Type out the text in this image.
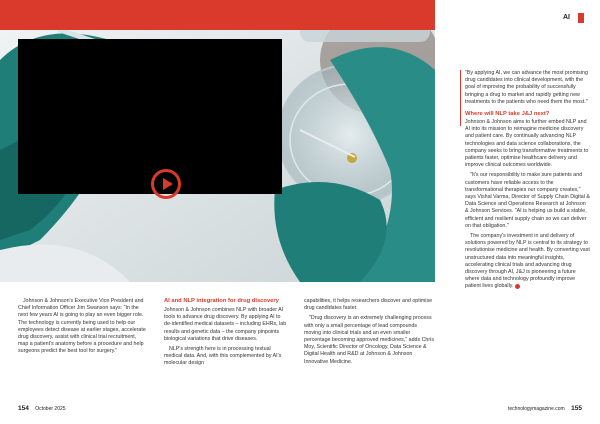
Johnson & Johnson's Executive Vice President and Chief Information Officer Jim Swanson says: "In the next few years AI is going to play an even bigger role. The technology is currently being used to help our employees detect disease at earlier stages, accelerate drug discovery, assist with clinical trial recruitment, map a patient's anatomy before a procedure and help surgeons predict the best tool for surgery."

AI and NLP integration for drug discovery

Johnson & Johnson combines NLP with broader AI tools to advance drug discovery. By applying AI to de-identified medical datasets – including EHRs, lab results and genetic data – the company pinpoints biological variations that drive diseases.

NLP's strength here is in processing textual medical data. And, with this complemented by AI's molecular design

capabilities, it helps researchers discover and optimise drug candidates faster.

"Drug discovery is an extremely challenging process with only a small percentage of lead compounds moving into clinical trials and an even smaller percentage becoming approved medicines," adds Chris Moy, Scientific Director of Oncology, Data Science & Digital Health and R&D at Johnson & Johnson Innovative Medicine.

154 October 2025
AI

"By applying AI, we can advance the most promising drug candidates into clinical development, with the goal of improving the probability of successfully bringing a drug to market and rapidly getting new treatments to the patients who need them the most."

Where will NLP take J&J next?

Johnson & Johnson aims to further embed NLP and AI into its mission to reimagine medicine discovery and patient care. By continually advancing NLP technologies and data science collaborations, the company seeks to bring transformative treatments to patients faster, optimise healthcare delivery and improve clinical outcomes worldwide.

"It's our responsibility to make sure patients and customers have reliable access to the transformational therapies our company creates," says Vishal Varma, Director of Supply Chain Digital & Data Science and Operations Research at Johnson & Johnson Services. "AI is helping us build a stable, efficient and resilient supply chain so we can deliver on that obligation."

The company's investment in and delivery of solutions powered by NLP is central to its strategy to revolutionise medicine and health. By converting vast unstructured data into meaningful insights, accelerating clinical trials and advancing drug discovery through AI, J&J is pioneering a future where data and technology profoundly improve patient lives globally.

technologymagazine.com 155
